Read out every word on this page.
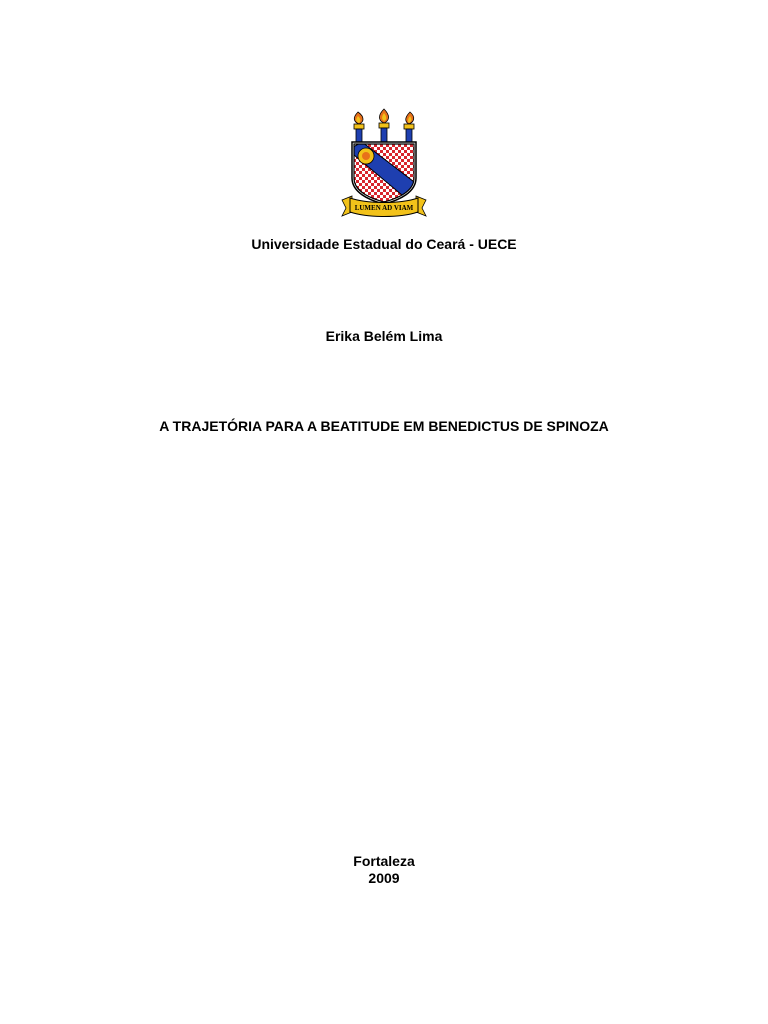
LUMEN AD VIAM
Universidade Estadual do Ceará - UECE
Erika Belém Lima
A TRAJETÓRIA PARA A BEATITUDE EM BENEDICTUS DE SPINOZA
Fortaleza
2009
